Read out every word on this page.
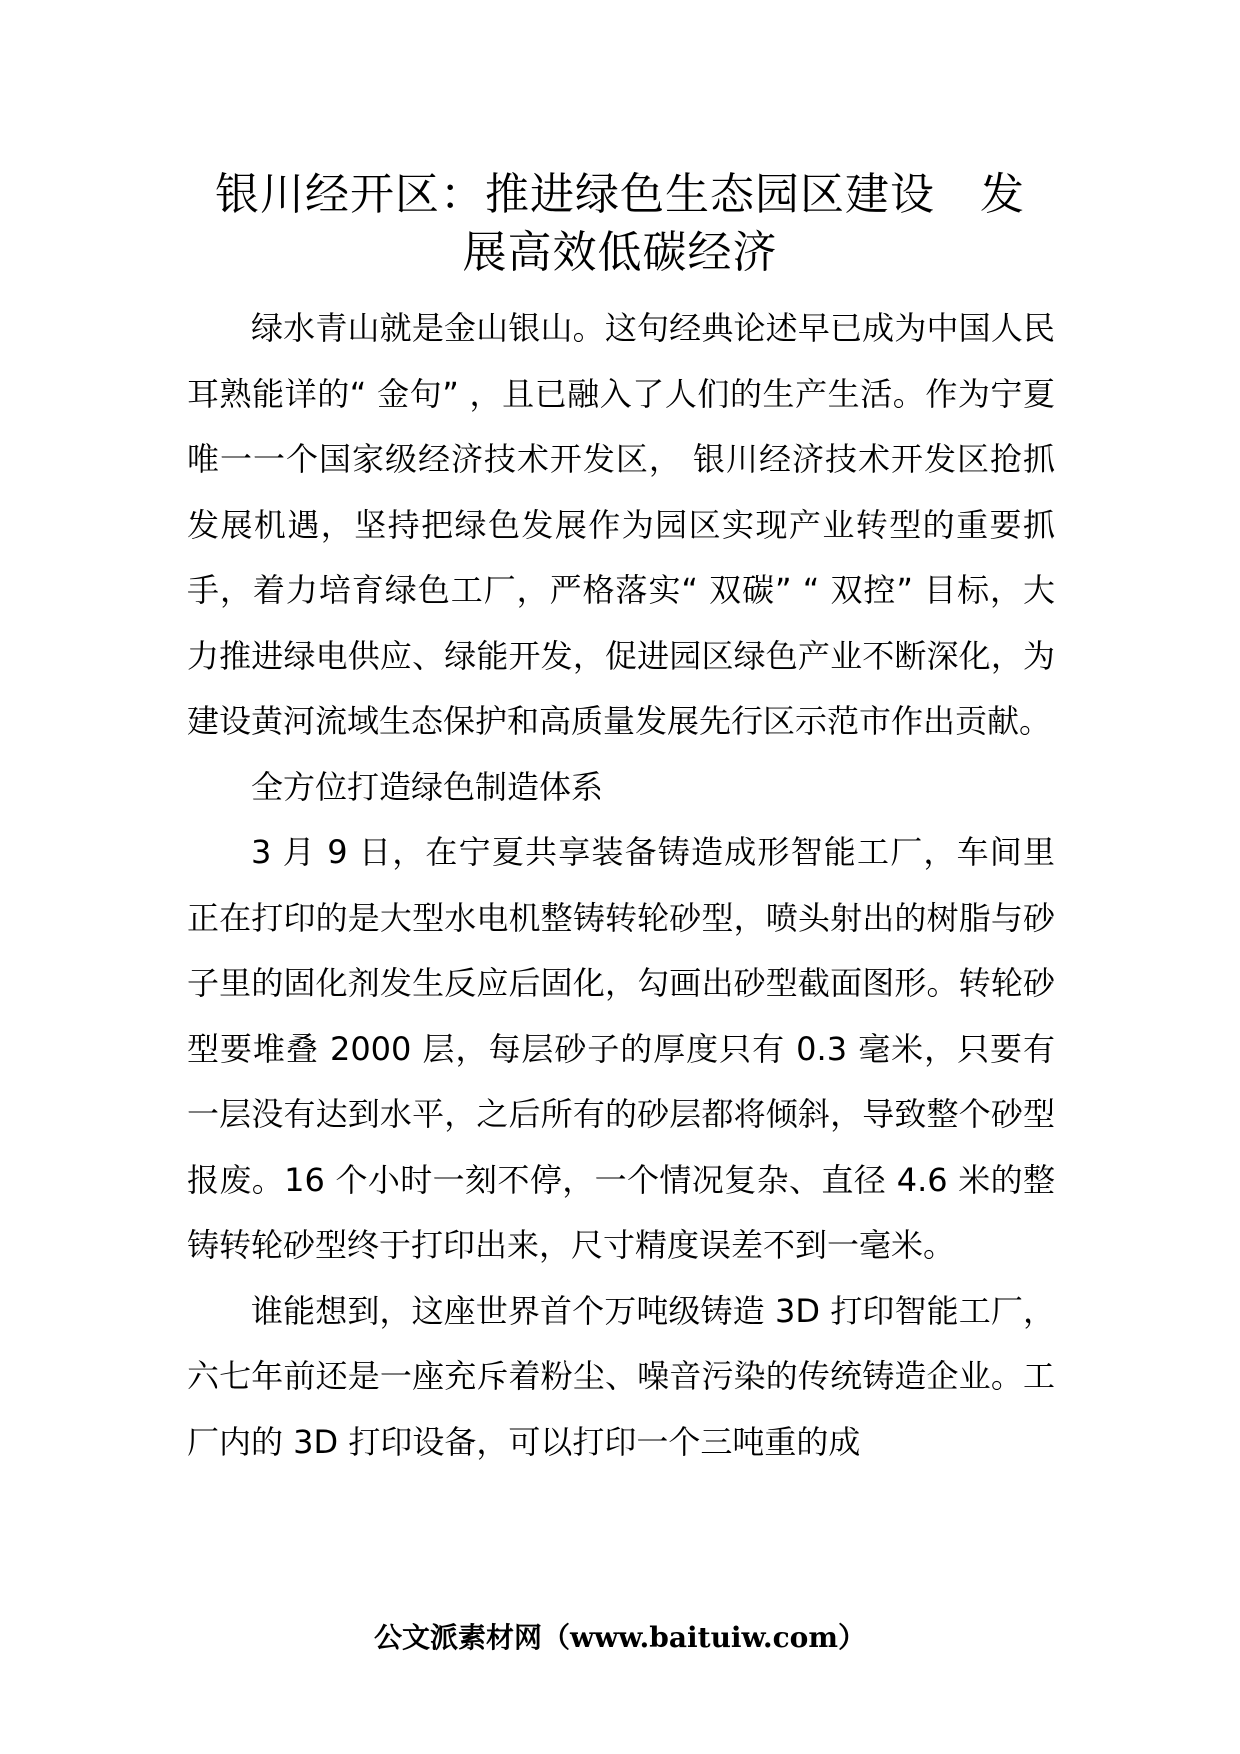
银川经开区：推进绿色生态园区建设　发
展高效低碳经济

绿水青山就是金山银山。这句经典论述早已成为中国人民耳熟能详的“ 金句” ，且已融入了人们的生产生活。作为宁夏唯一一个国家级经济技术开发区， 银川经济技术开发区抢抓发展机遇，坚持把绿色发展作为园区实现产业转型的重要抓手，着力培育绿色工厂，严格落实“ 双碳” “ 双控” 目标，大力推进绿电供应、绿能开发，促进园区绿色产业不断深化，为建设黄河流域生态保护和高质量发展先行区示范市作出贡献。

全方位打造绿色制造体系

3 月 9 日，在宁夏共享装备铸造成形智能工厂，车间里正在打印的是大型水电机整铸转轮砂型，喷头射出的树脂与砂子里的固化剂发生反应后固化，勾画出砂型截面图形。转轮砂型要堆叠 2000 层，每层砂子的厚度只有 0.3 毫米，只要有一层没有达到水平，之后所有的砂层都将倾斜，导致整个砂型报废。16 个小时一刻不停，一个情况复杂、直径 4.6 米的整铸转轮砂型终于打印出来，尺寸精度误差不到一毫米。

谁能想到，这座世界首个万吨级铸造 3D 打印智能工厂，六七年前还是一座充斥着粉尘、噪音污染的传统铸造企业。工厂内的 3D 打印设备，可以打印一个三吨重的成

公文派素材网（www.baituiw.com）
